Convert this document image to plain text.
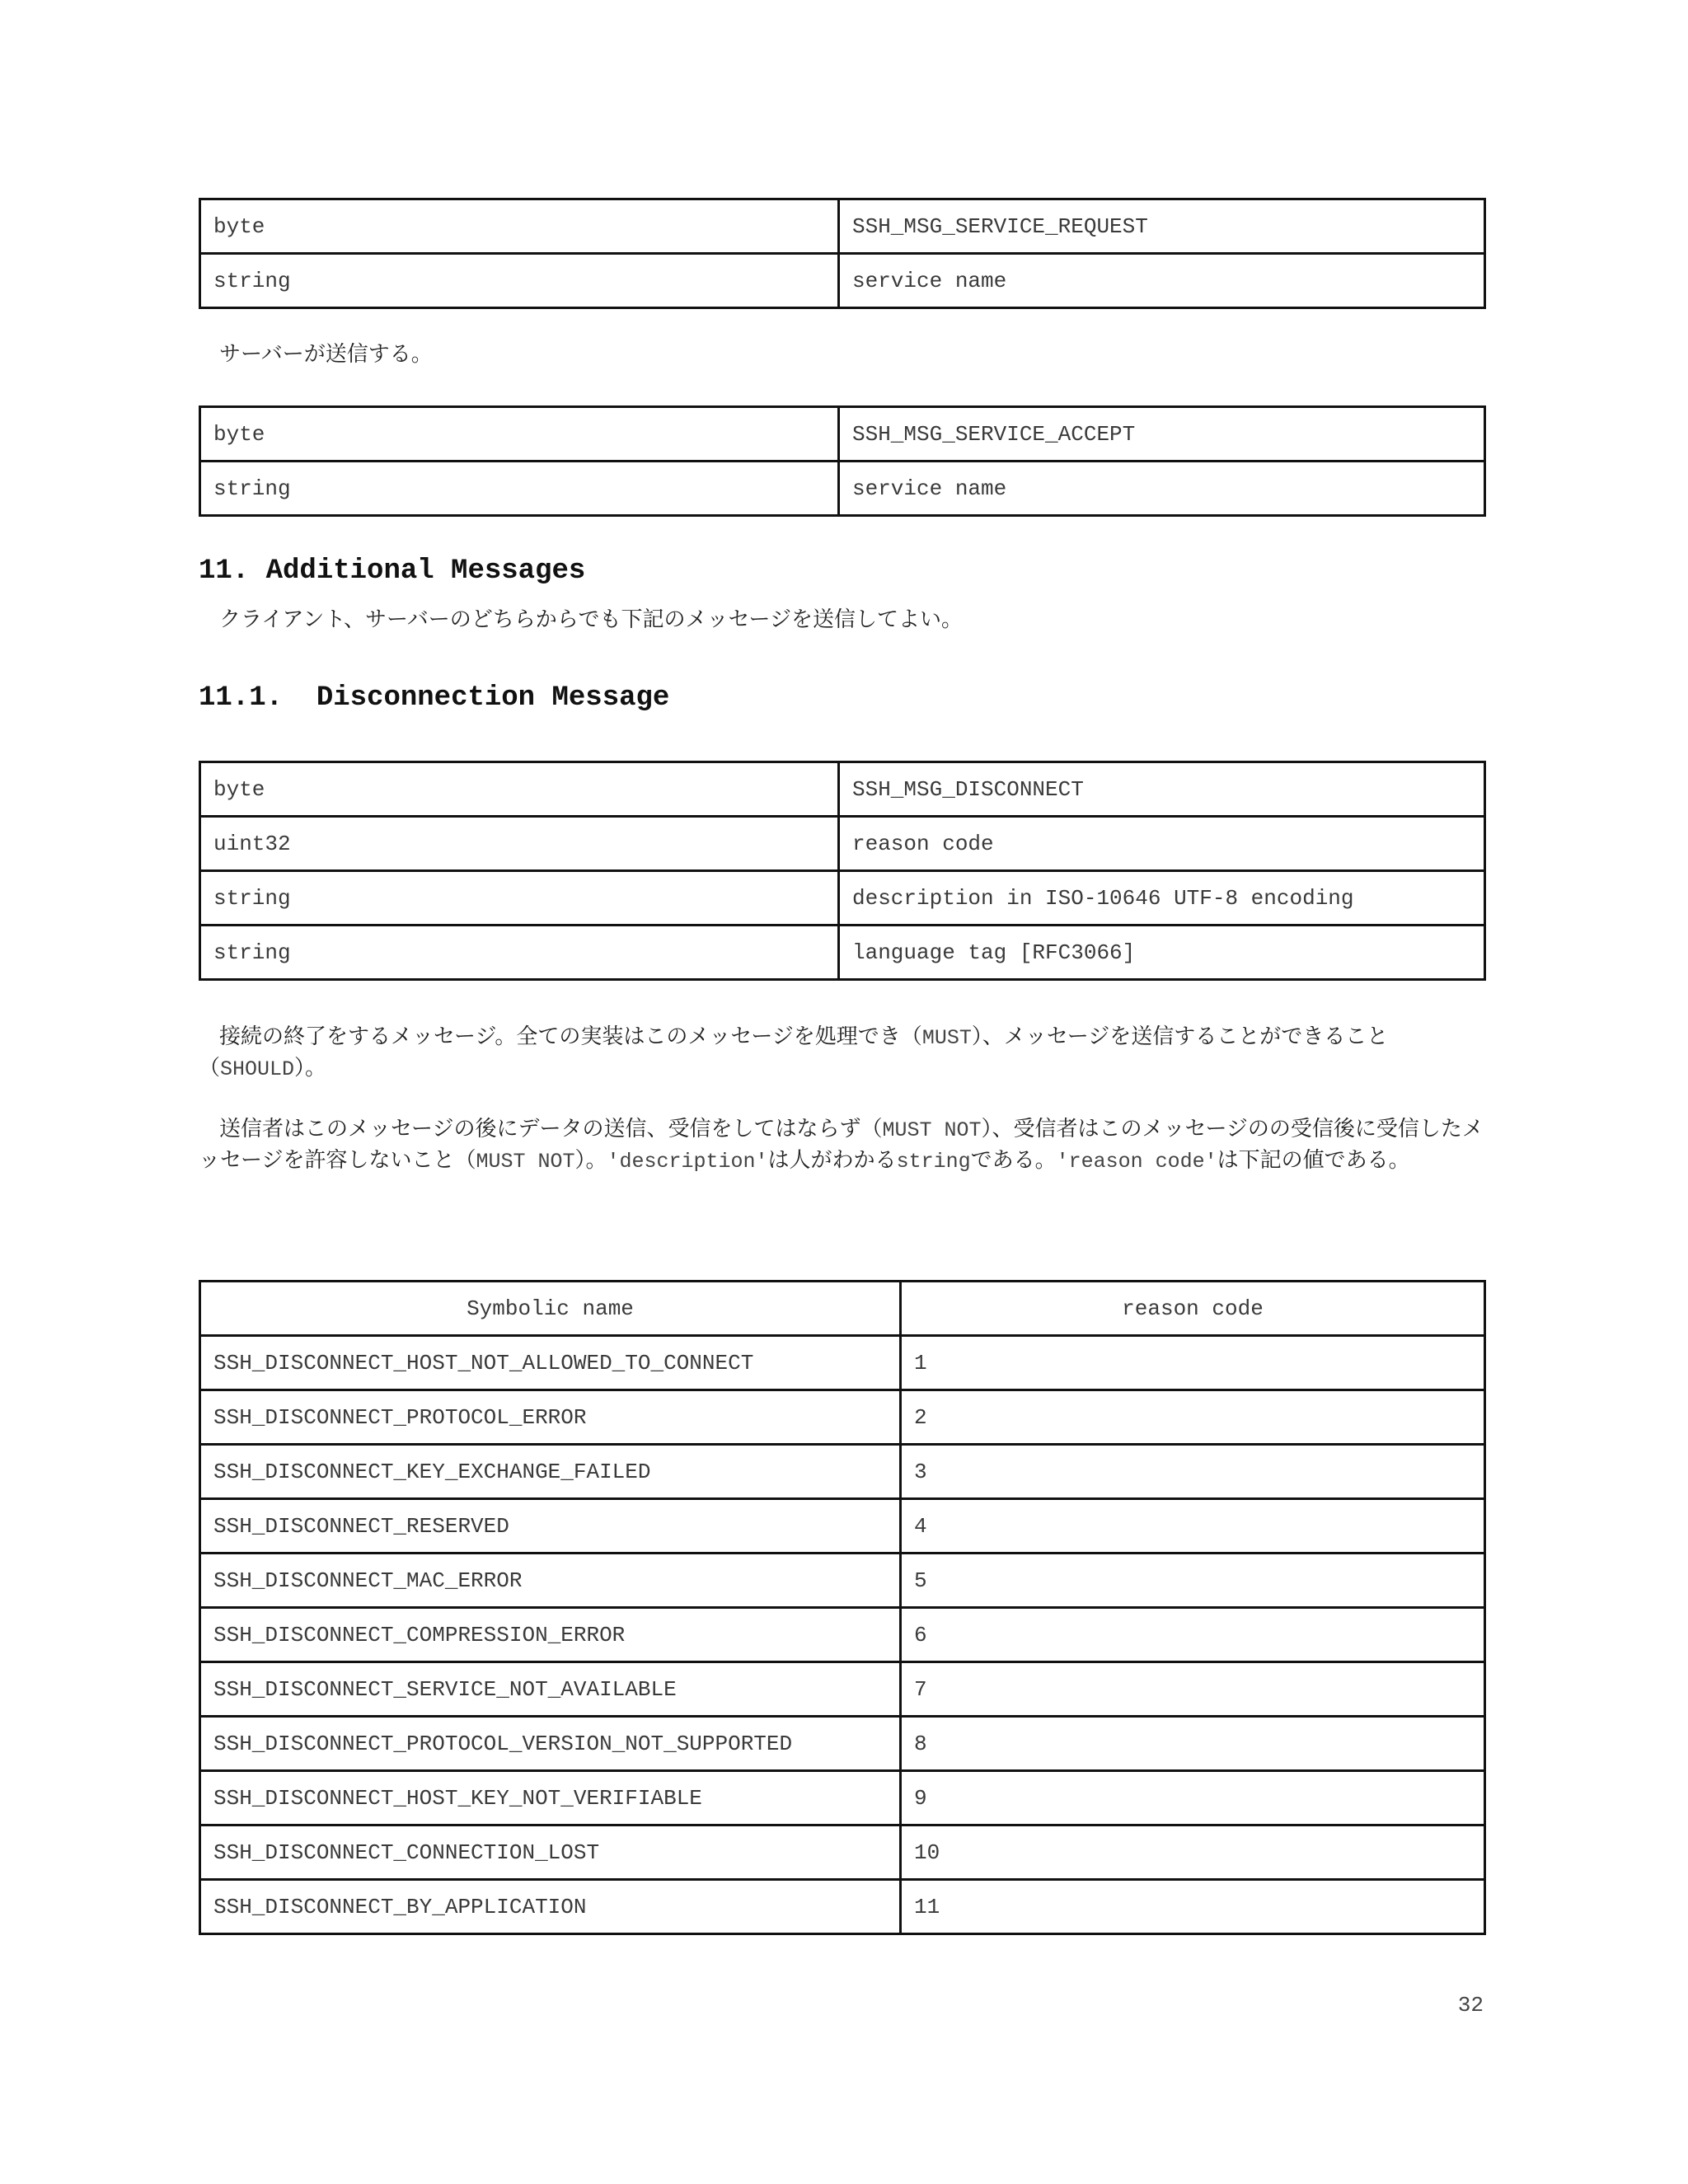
byte	SSH_MSG_SERVICE_REQUEST
string	service name
サーバーが送信する。
byte	SSH_MSG_SERVICE_ACCEPT
string	service name
11. Additional Messages
クライアント、サーバーのどちらからでも下記のメッセージを送信してよい。
11.1. Disconnection Message
byte	SSH_MSG_DISCONNECT
uint32	reason code
string	description in ISO-10646 UTF-8 encoding
string	language tag [RFC3066]
接続の終了をするメッセージ。全ての実装はこのメッセージを処理でき（MUST）、メッセージを送信することができること（SHOULD）。
送信者はこのメッセージの後にデータの送信、受信をしてはならず（MUST NOT）、受信者はこのメッセージのの受信後に受信したメッセージを許容しないこと（MUST NOT）。'description'は人がわかるstringである。'reason code'は下記の値である。
Symbolic name	reason code
SSH_DISCONNECT_HOST_NOT_ALLOWED_TO_CONNECT	1
SSH_DISCONNECT_PROTOCOL_ERROR	2
SSH_DISCONNECT_KEY_EXCHANGE_FAILED	3
SSH_DISCONNECT_RESERVED	4
SSH_DISCONNECT_MAC_ERROR	5
SSH_DISCONNECT_COMPRESSION_ERROR	6
SSH_DISCONNECT_SERVICE_NOT_AVAILABLE	7
SSH_DISCONNECT_PROTOCOL_VERSION_NOT_SUPPORTED	8
SSH_DISCONNECT_HOST_KEY_NOT_VERIFIABLE	9
SSH_DISCONNECT_CONNECTION_LOST	10
SSH_DISCONNECT_BY_APPLICATION	11
32
